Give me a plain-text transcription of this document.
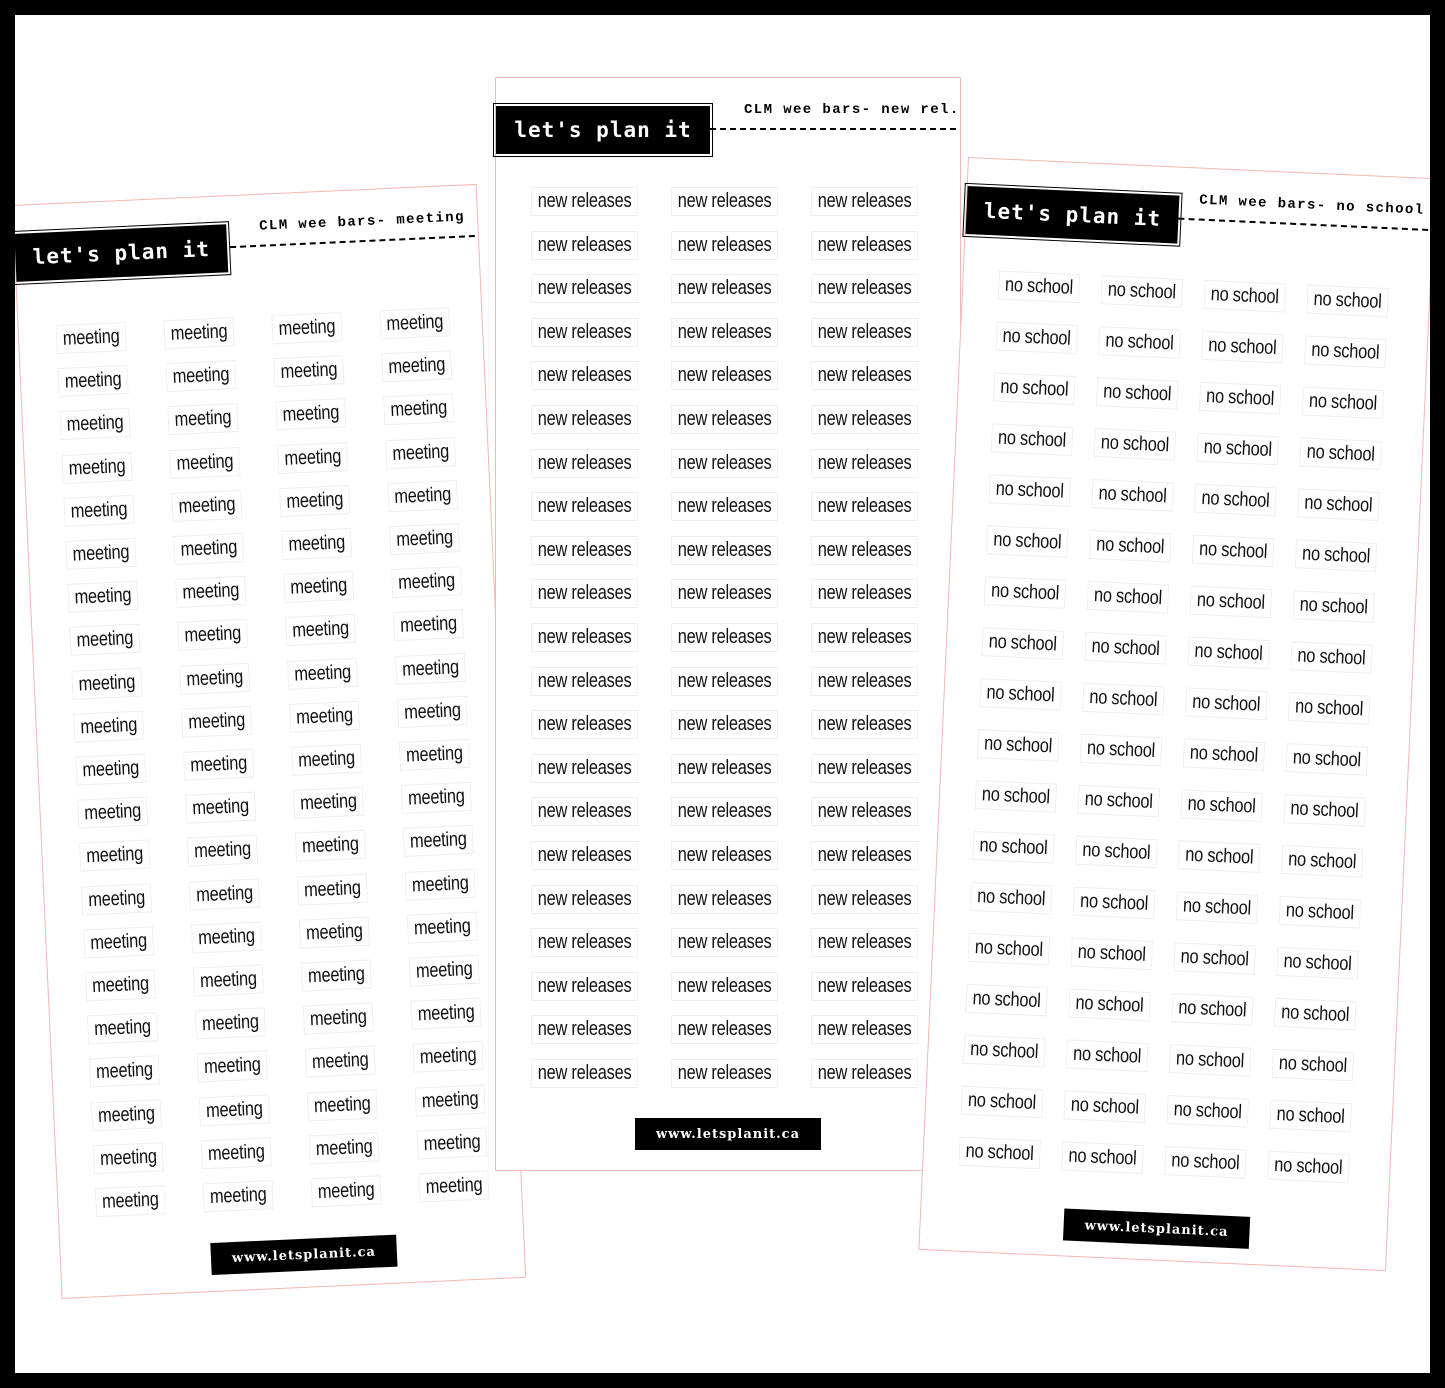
let's plan it
CLM wee bars- meeting
meeting	meeting	meeting	meeting
meeting	meeting	meeting	meeting
meeting	meeting	meeting	meeting
meeting	meeting	meeting	meeting
meeting	meeting	meeting	meeting
meeting	meeting	meeting	meeting
meeting	meeting	meeting	meeting
meeting	meeting	meeting	meeting
meeting	meeting	meeting	meeting
meeting	meeting	meeting	meeting
meeting	meeting	meeting	meeting
meeting	meeting	meeting	meeting
meeting	meeting	meeting	meeting
meeting	meeting	meeting	meeting
meeting	meeting	meeting	meeting
meeting	meeting	meeting	meeting
meeting	meeting	meeting	meeting
meeting	meeting	meeting	meeting
meeting	meeting	meeting	meeting
meeting	meeting	meeting	meeting
meeting	meeting	meeting	meeting
www.letsplanit.ca
let's plan it
CLM wee bars- new rel.
new releases new releases new releases
new releases new releases new releases
new releases new releases new releases
new releases new releases new releases
new releases new releases new releases
new releases new releases new releases
new releases new releases new releases
new releases new releases new releases
new releases new releases new releases
new releases new releases new releases
new releases new releases new releases
new releases new releases new releases
new releases new releases new releases
new releases new releases new releases
new releases new releases new releases
new releases new releases new releases
new releases new releases new releases
new releases new releases new releases
new releases new releases new releases
new releases new releases new releases
new releases new releases new releases
www.letsplanit.ca
let's plan it	CLM wee bars- no school
no school no school no school no school
no school no school no school no school
no school no school no school no school
no school no school no school no school
no school no school no school no school
no school no school no school no school
no school no school no school no school
no school no school no school no school
no school no school no school no school
no school no school no school no school
no school no school no school no school
no school no school no school no school
no school no school no school no school
no school no school no school no school
no school no school no school no school
no school no school no school no school
no school no school no school no school
no school no school no school no school
www.letsplanit.ca
